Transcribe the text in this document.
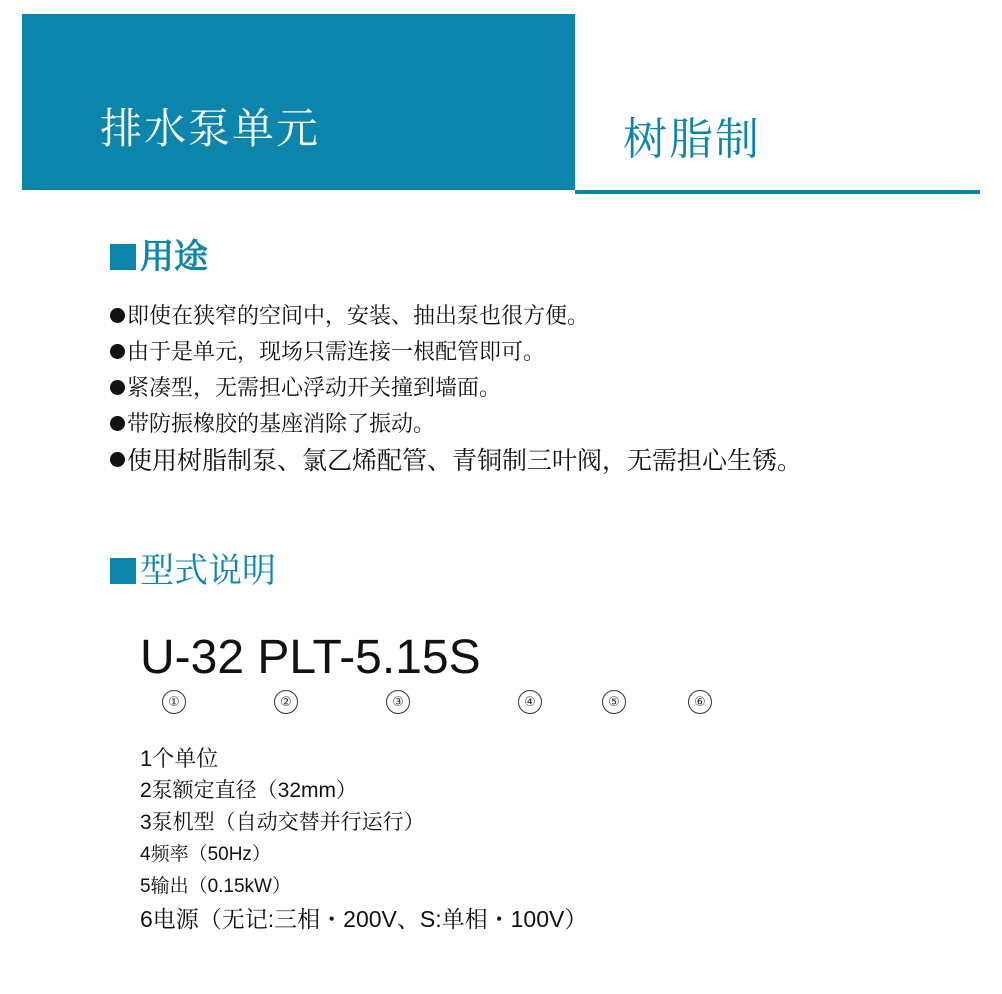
排水泵单元	树脂制
用途
即使在狭窄的空间中，安装、抽出泵也很方便。
由于是单元，现场只需连接一根配管即可。
紧凑型，无需担心浮动开关撞到墙面。
带防振橡胶的基座消除了振动。
使用树脂制泵、氯乙烯配管、青铜制三叶阀，无需担心生锈。
型式说明
U-32 PLT-5.15S
①	②	③	④	⑤	⑥
1个单位
2泵额定直径（32mm）
3泵机型（自动交替并行运行）
4频率（50Hz）
5输出（0.15kW）
6电源（无记:三相・200V、S:单相・100V）
